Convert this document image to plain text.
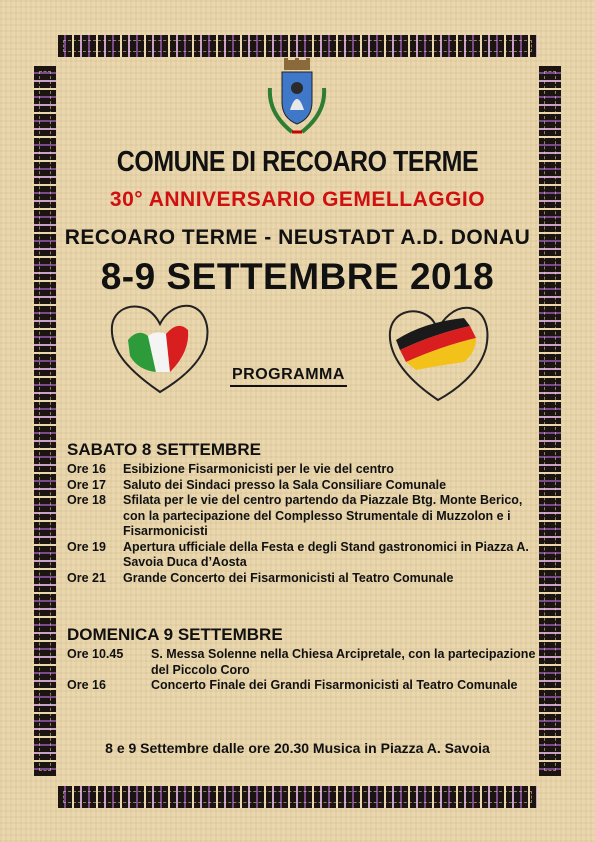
COMUNE DI RECOARO TERME
30° ANNIVERSARIO GEMELLAGGIO
RECOARO TERME - NEUSTADT A.D. DONAU
8-9 SETTEMBRE 2018
PROGRAMMA
SABATO 8 SETTEMBRE
Ore 16	Esibizione Fisarmonicisti per le vie del centro
Ore 17	Saluto dei Sindaci presso la Sala Consiliare Comunale
Ore 18	Sfilata per le vie del centro partendo da Piazzale Btg. Monte Berico, con la partecipazione del Complesso Strumentale di Muzzolon e i Fisarmonicisti
Ore 19	Apertura ufficiale della Festa e degli Stand gastronomici in Piazza A. Savoia Duca d’Aosta
Ore 21	Grande Concerto dei Fisarmonicisti al Teatro Comunale
DOMENICA 9 SETTEMBRE
Ore 10.45	S. Messa Solenne nella Chiesa Arcipretale, con la partecipazione del Piccolo Coro
Ore 16	Concerto Finale dei Grandi Fisarmonicisti al Teatro Comunale
8 e 9 Settembre dalle ore 20.30 Musica in Piazza A. Savoia
